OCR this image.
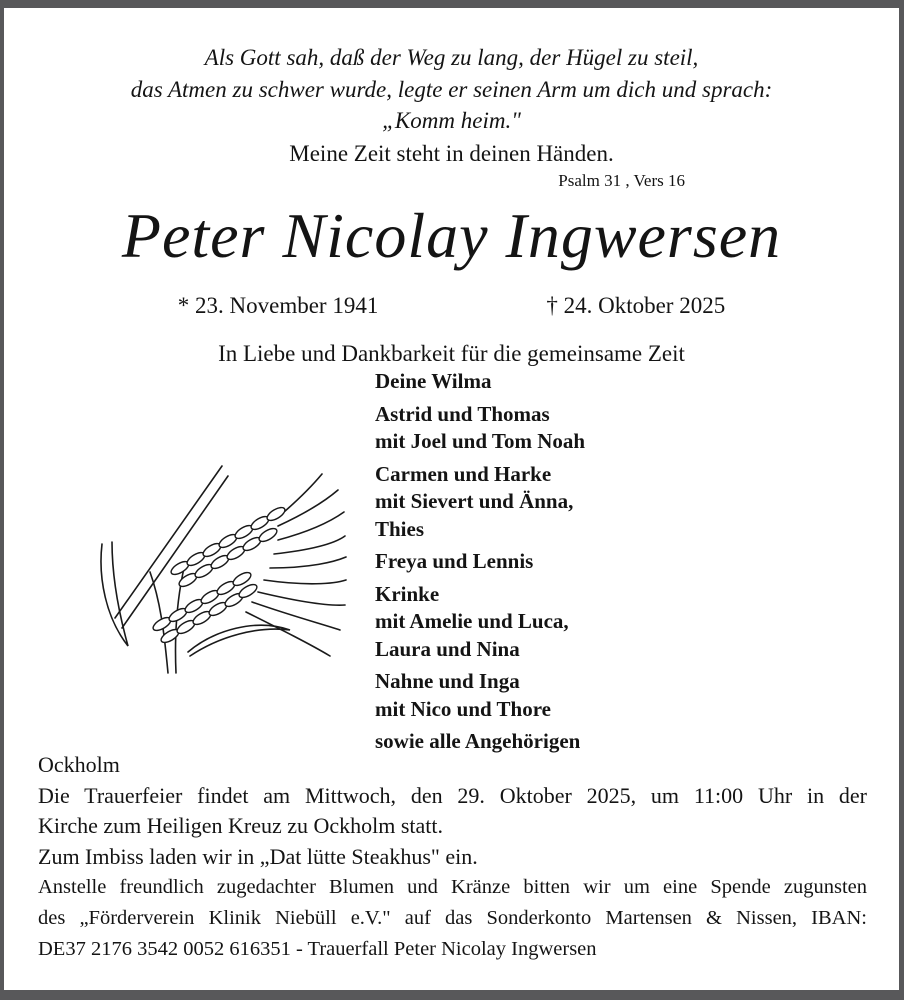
Als Gott sah, daß der Weg zu lang, der Hügel zu steil,
das Atmen zu schwer wurde, legte er seinen Arm um dich und sprach:
„Komm heim."
Meine Zeit steht in deinen Händen.
Psalm 31 , Vers 16
Peter Nicolay Ingwersen
* 23. November 1941	† 24. Oktober 2025
In Liebe und Dankbarkeit für die gemeinsame Zeit
Deine Wilma
Astrid und Thomas
mit Joel und Tom Noah
Carmen und Harke
mit Sievert und Änna,
Thies
Freya und Lennis
Krinke
mit Amelie und Luca,
Laura und Nina
Nahne und Inga
mit Nico und Thore
sowie alle Angehörigen
Ockholm
Die Trauerfeier findet am Mittwoch, den 29. Oktober 2025, um 11:00 Uhr in der
Kirche zum Heiligen Kreuz zu Ockholm statt.
Zum Imbiss laden wir in „Dat lütte Steakhus" ein.
Anstelle freundlich zugedachter Blumen und Kränze bitten wir um eine Spende zugunsten
des „Förderverein Klinik Niebüll e.V." auf das Sonderkonto Martensen & Nissen, IBAN:
DE37 2176 3542 0052 616351 - Trauerfall Peter Nicolay Ingwersen
